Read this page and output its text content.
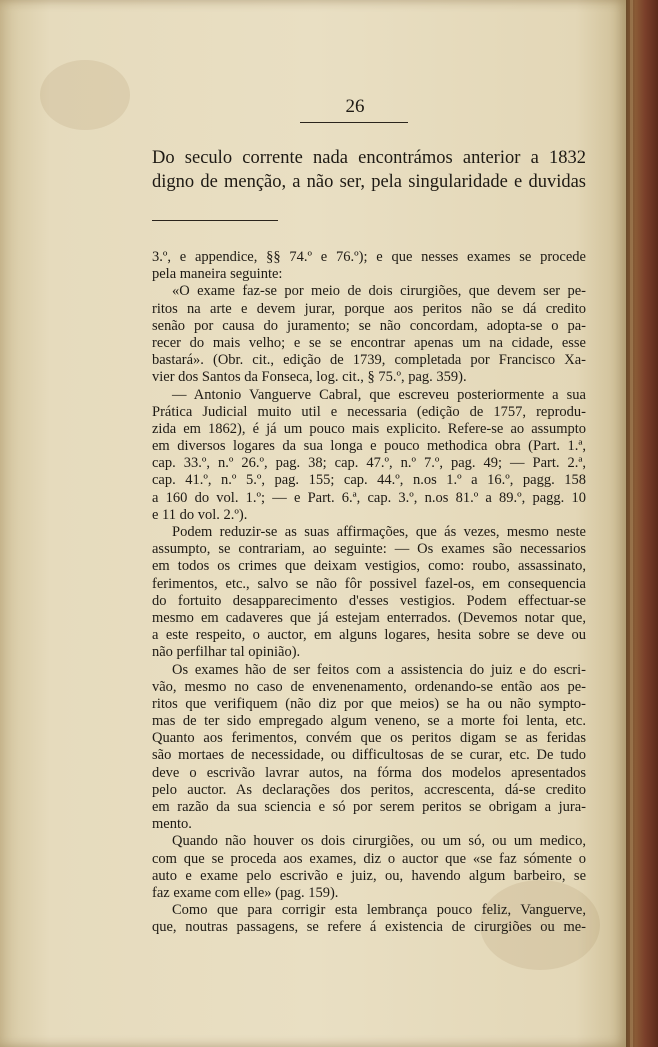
26
Do seculo corrente nada encontrámos anterior a 1832
digno de menção, a não ser, pela singularidade e duvidas
3.º, e appendice, §§ 74.º e 76.º); e que nesses exames se procede
pela maneira seguinte:
«O exame faz-se por meio de dois cirurgiões, que devem ser pe-
ritos na arte e devem jurar, porque aos peritos não se dá credito
senão por causa do juramento; se não concordam, adopta-se o pa-
recer do mais velho; e se se encontrar apenas um na cidade, esse
bastará». (Obr. cit., edição de 1739, completada por Francisco Xa-
vier dos Santos da Fonseca, log. cit., § 75.º, pag. 359).
— Antonio Vanguerve Cabral, que escreveu posteriormente a sua
Prática Judicial muito util e necessaria (edição de 1757, reprodu-
zida em 1862), é já um pouco mais explicito. Refere-se ao assumpto
em diversos logares da sua longa e pouco methodica obra (Part. 1.ª,
cap. 33.º, n.º 26.º, pag. 38; cap. 47.º, n.º 7.º, pag. 49; — Part. 2.ª,
cap. 41.º, n.º 5.º, pag. 155; cap. 44.º, n.os 1.º a 16.º, pagg. 158
a 160 do vol. 1.º; — e Part. 6.ª, cap. 3.º, n.os 81.º a 89.º, pagg. 10
e 11 do vol. 2.º).
Podem reduzir-se as suas affirmações, que ás vezes, mesmo neste
assumpto, se contrariam, ao seguinte: — Os exames são necessarios
em todos os crimes que deixam vestigios, como: roubo, assassinato,
ferimentos, etc., salvo se não fôr possivel fazel-os, em consequencia
do fortuito desapparecimento d'esses vestigios. Podem effectuar-se
mesmo em cadaveres que já estejam enterrados. (Devemos notar que,
a este respeito, o auctor, em alguns logares, hesita sobre se deve ou
não perfilhar tal opinião).
Os exames hão de ser feitos com a assistencia do juiz e do escri-
vão, mesmo no caso de envenenamento, ordenando-se então aos pe-
ritos que verifiquem (não diz por que meios) se ha ou não sympto-
mas de ter sido empregado algum veneno, se a morte foi lenta, etc.
Quanto aos ferimentos, convém que os peritos digam se as feridas
são mortaes de necessidade, ou difficultosas de se curar, etc. De tudo
deve o escrivão lavrar autos, na fórma dos modelos apresentados
pelo auctor. As declarações dos peritos, accrescenta, dá-se credito
em razão da sua sciencia e só por serem peritos se obrigam a jura-
mento.
Quando não houver os dois cirurgiões, ou um só, ou um medico,
com que se proceda aos exames, diz o auctor que «se faz sómente o
auto e exame pelo escrivão e juiz, ou, havendo algum barbeiro, se
faz exame com elle» (pag. 159).
Como que para corrigir esta lembrança pouco feliz, Vanguerve,
que, noutras passagens, se refere á existencia de cirurgiões ou me-
